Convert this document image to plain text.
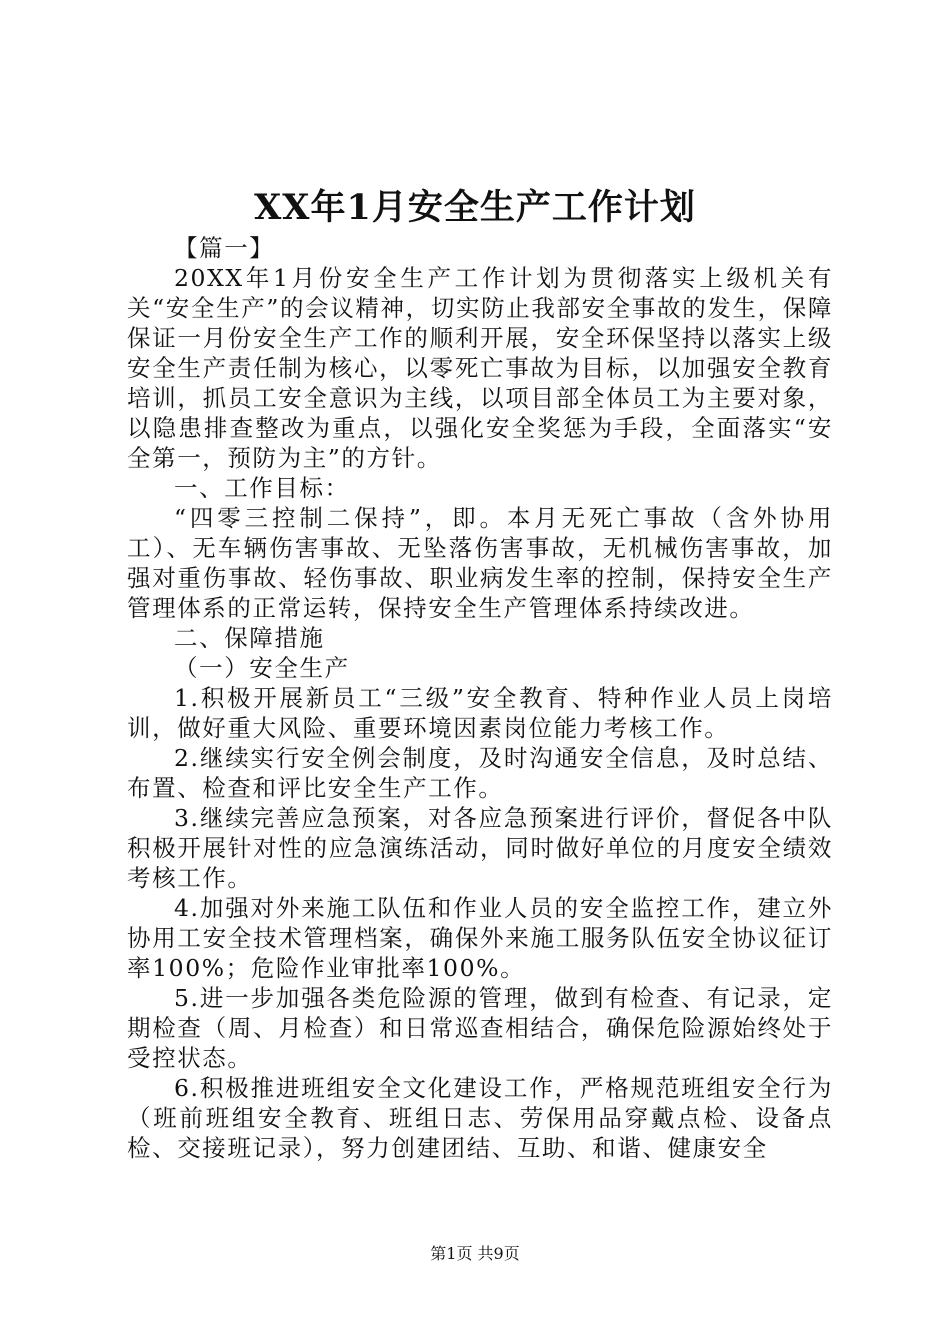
XX年1月安全生产工作计划

【篇一】

20XX年1月份安全生产工作计划为贯彻落实上级机关有关“安全生产”的会议精神，切实防止我部安全事故的发生，保障保证一月份安全生产工作的顺利开展，安全环保坚持以落实上级安全生产责任制为核心，以零死亡事故为目标，以加强安全教育培训，抓员工安全意识为主线，以项目部全体员工为主要对象，以隐患排查整改为重点，以强化安全奖惩为手段，全面落实“安全第一，预防为主”的方针。

一、工作目标：

“四零三控制二保持”，即。本月无死亡事故（含外协用工）、无车辆伤害事故、无坠落伤害事故，无机械伤害事故，加强对重伤事故、轻伤事故、职业病发生率的控制，保持安全生产管理体系的正常运转，保持安全生产管理体系持续改进。

二、保障措施

（一）安全生产

1.积极开展新员工“三级”安全教育、特种作业人员上岗培训，做好重大风险、重要环境因素岗位能力考核工作。

2.继续实行安全例会制度，及时沟通安全信息，及时总结、布置、检查和评比安全生产工作。

3.继续完善应急预案，对各应急预案进行评价，督促各中队积极开展针对性的应急演练活动，同时做好单位的月度安全绩效考核工作。

4.加强对外来施工队伍和作业人员的安全监控工作，建立外协用工安全技术管理档案，确保外来施工服务队伍安全协议征订率100%；危险作业审批率100%。

5.进一步加强各类危险源的管理，做到有检查、有记录，定期检查（周、月检查）和日常巡查相结合，确保危险源始终处于受控状态。

6.积极推进班组安全文化建设工作，严格规范班组安全行为（班前班组安全教育、班组日志、劳保用品穿戴点检、设备点检、交接班记录），努力创建团结、互助、和谐、健康安全

第1页 共9页
